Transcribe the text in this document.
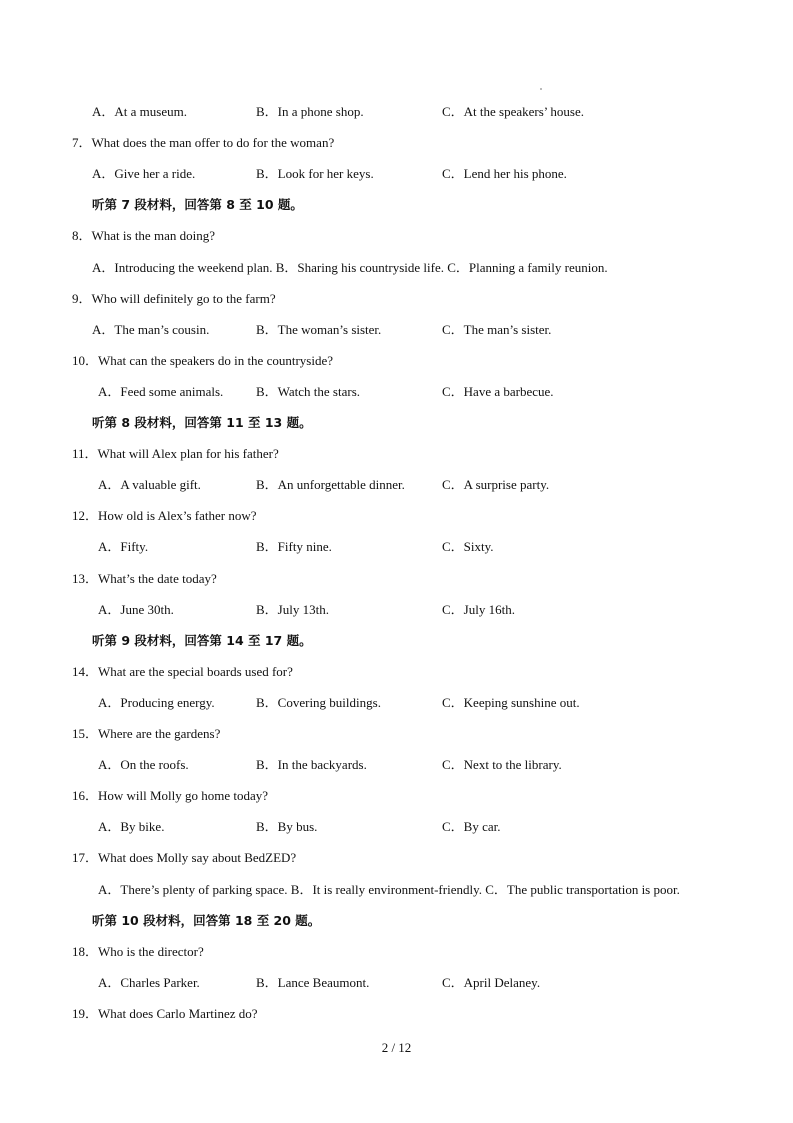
A．At a museum.	B．In a phone shop.	C．At the speakers’ house.
7．What does the man offer to do for the woman?
A．Give her a ride.	B．Look for her keys.	C．Lend her his phone.
听第 7 段材料，回答第 8 至 10 题。
8．What is the man doing?
A．Introducing the weekend plan. B．Sharing his countryside life. C．Planning a family reunion.
9．Who will definitely go to the farm?
A．The man’s cousin.	B．The woman’s sister.	C．The man’s sister.
10．What can the speakers do in the countryside?
A．Feed some animals.	B．Watch the stars.	C．Have a barbecue.
听第 8 段材料，回答第 11 至 13 题。
11．What will Alex plan for his father?
A．A valuable gift.	B．An unforgettable dinner.	C．A surprise party.
12．How old is Alex’s father now?
A．Fifty.	B．Fifty nine.	C．Sixty.
13．What’s the date today?
A．June 30th.	B．July 13th.	C．July 16th.
听第 9 段材料，回答第 14 至 17 题。
14．What are the special boards used for?
A．Producing energy.	B．Covering buildings.	C．Keeping sunshine out.
15．Where are the gardens?
A．On the roofs.	B．In the backyards.	C．Next to the library.
16．How will Molly go home today?
A．By bike.	B．By bus.	C．By car.
17．What does Molly say about BedZED?
A．There’s plenty of parking space. B．It is really environment-friendly. C．The public transportation is poor.
听第 10 段材料，回答第 18 至 20 题。
18．Who is the director?
A．Charles Parker.	B．Lance Beaumont.	C．April Delaney.
19．What does Carlo Martinez do?
2 / 12
